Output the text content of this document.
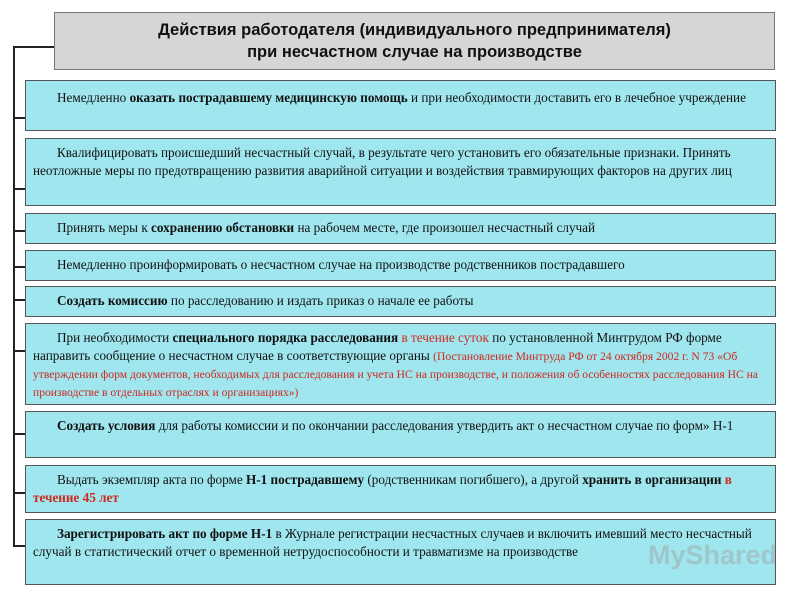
Действия работодателя (индивидуального предпринимателя)
при несчастном случае на производстве

Немедленно оказать пострадавшему медицинскую помощь и при необходимости доставить его в лечебное учреждение

Квалифицировать происшедший несчастный случай, в результате чего установить его обязательные признаки. Принять неотложные меры по предотвращению развития аварийной ситуации и воздействия травмирующих факторов на других лиц

Принять меры к сохранению обстановки на рабочем месте, где произошел несчастный случай

Немедленно проинформировать о несчастном случае на производстве родственников пострадавшего

Создать комиссию по расследованию и издать приказ о начале ее работы

При необходимости специального порядка расследования в течение суток по установленной Минтрудом РФ форме направить сообщение о несчастном случае в соответствующие органы (Постановление Минтруда РФ от 24 октября 2002 г. N 73 «Об утверждении форм документов, необходимых для расследования и учета НС на производстве, и положения об особенностях расследования НС на производстве в отдельных отраслях и организациях»)

Создать условия для работы комиссии и по окончании расследования утвердить акт о несчастном случае по форм» Н-1

Выдать экземпляр акта по форме Н-1 пострадавшему (родственникам погибшего), а другой хранить в организации в течение 45 лет

Зарегистрировать акт по форме Н-1 в Журнале регистрации несчастных случаев и включить имевший место несчастный случай в статистический отчет о временной нетрудоспособности и травматизме на производстве	MyShared
